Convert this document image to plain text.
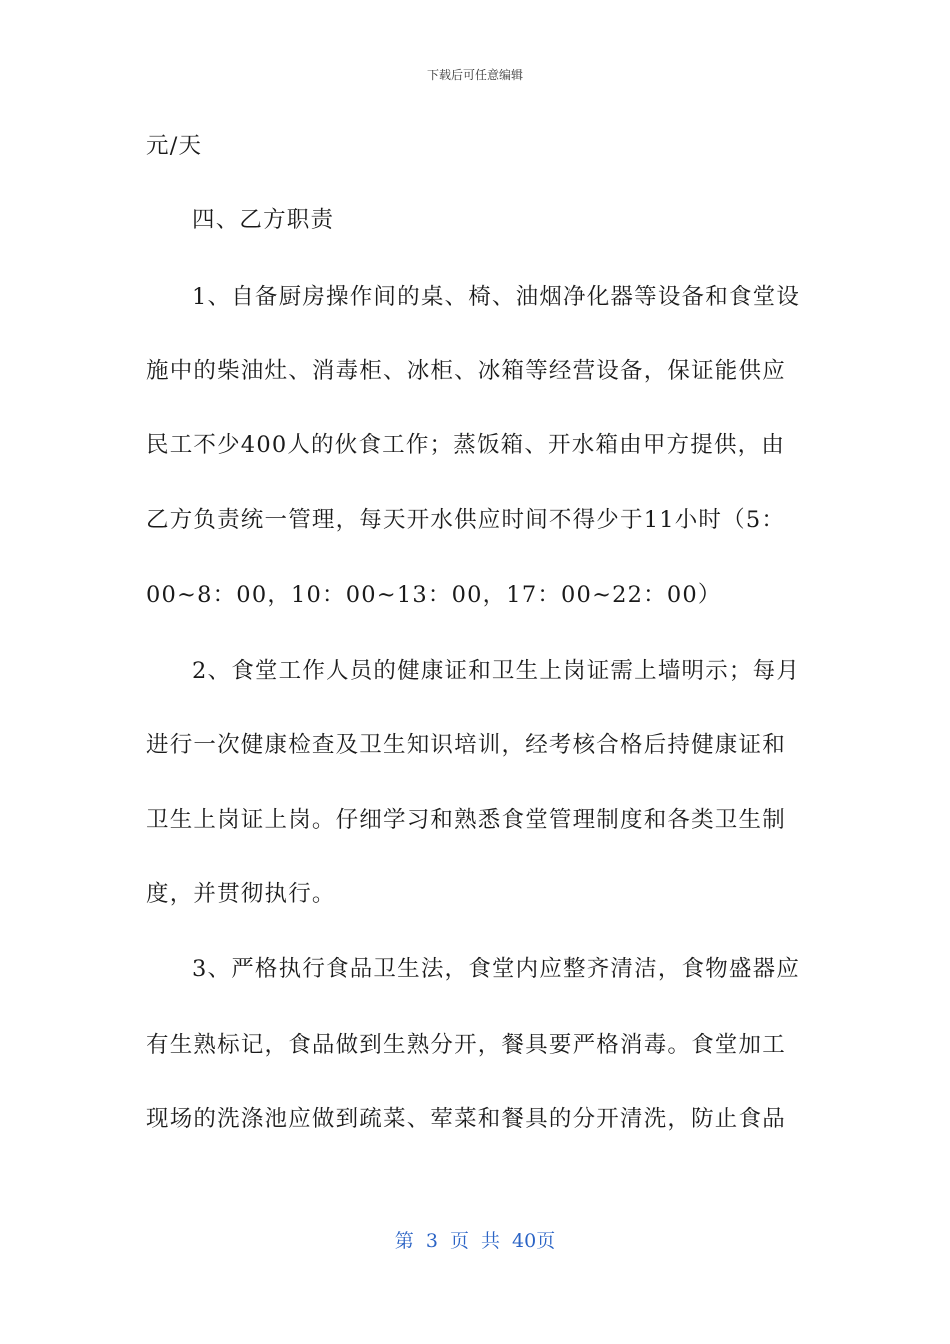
下载后可任意编辑
元/天
四、乙方职责
1、自备厨房操作间的桌、椅、油烟净化器等设备和食堂设
施中的柴油灶、消毒柜、冰柜、冰箱等经营设备，保证能供应
民工不少400人的伙食工作；蒸饭箱、开水箱由甲方提供，由
乙方负责统一管理，每天开水供应时间不得少于11小时（5：
00~8：00，10：00~13：00，17：00~22：00）
2、食堂工作人员的健康证和卫生上岗证需上墙明示；每月
进行一次健康检查及卫生知识培训，经考核合格后持健康证和
卫生上岗证上岗。仔细学习和熟悉食堂管理制度和各类卫生制
度，并贯彻执行。
3、严格执行食品卫生法，食堂内应整齐清洁，食物盛器应
有生熟标记，食品做到生熟分开，餐具要严格消毒。食堂加工
现场的洗涤池应做到疏菜、荤菜和餐具的分开清洗，防止食品
第 3 页 共 40页
